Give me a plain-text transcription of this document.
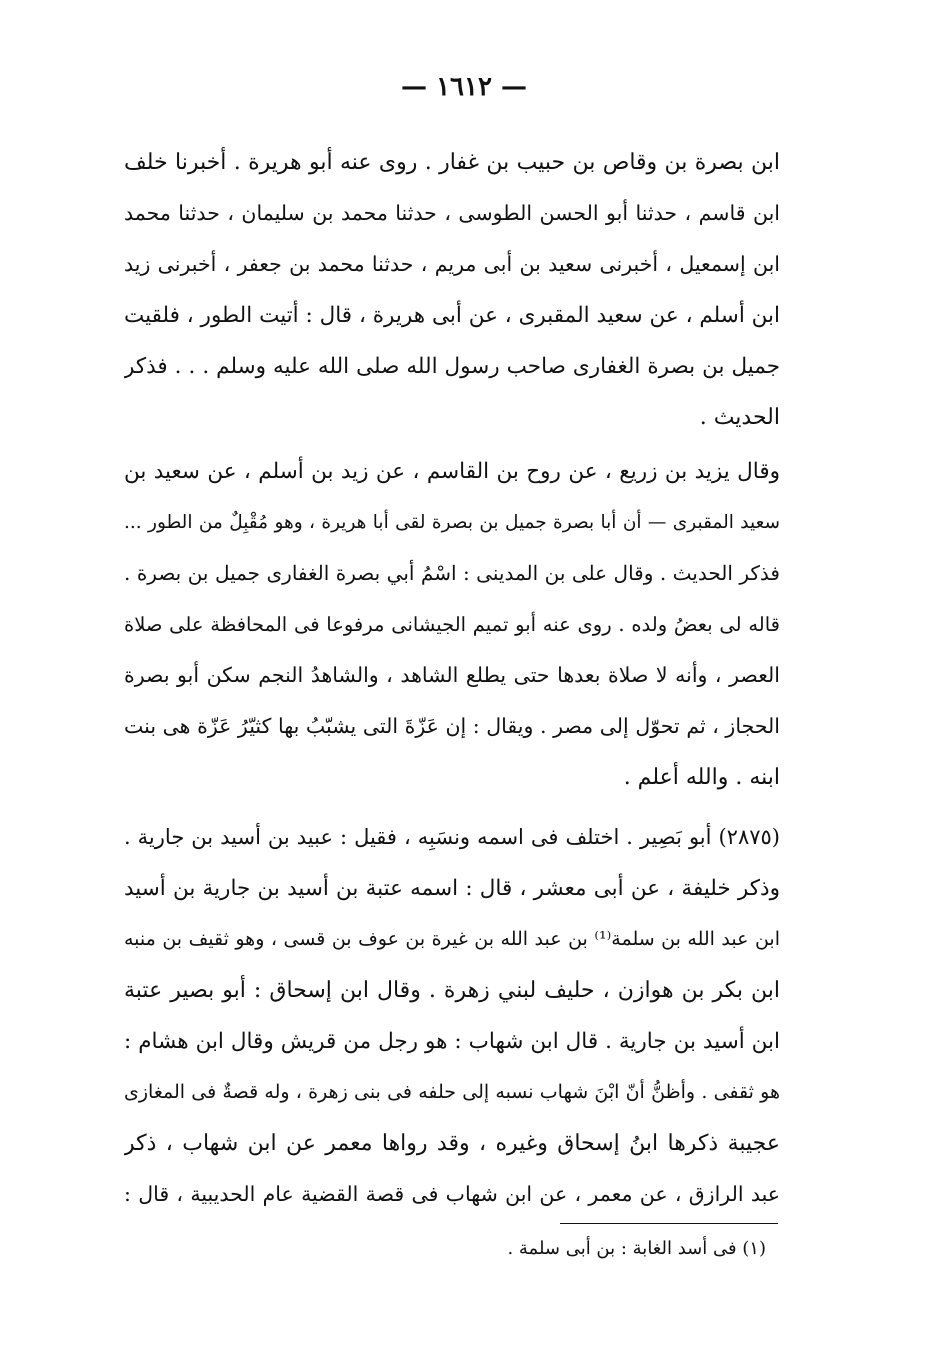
— ١٦١٢ —
ابن بصرة بن وقاص بن حبيب بن غفار . روى عنه أبو هريرة . أخبرنا خلف
ابن قاسم ، حدثنا أبو الحسن الطوسى ، حدثنا محمد بن سليمان ، حدثنا محمد
ابن إسمعيل ، أخبرنى سعيد بن أبى مريم ، حدثنا محمد بن جعفر ، أخبرنى زيد
ابن أسلم ، عن سعيد المقبرى ، عن أبى هريرة ، قال : أتيت الطور ، فلقيت
جميل بن بصرة الغفارى صاحب رسول الله صلى الله عليه وسلم . . . فذكر
الحديث .
وقال يزيد بن زريع ، عن روح بن القاسم ، عن زيد بن أسلم ، عن سعيد بن
سعيد المقبرى — أن أبا بصرة جميل بن بصرة لقى أبا هريرة ، وهو مُقْبِلٌ من الطور ...
فذكر الحديث . وقال على بن المدينى : اسْمُ أبي بصرة الغفارى جميل بن بصرة .
قاله لى بعضُ ولده . روى عنه أبو تميم الجيشانى مرفوعا فى المحافظة على صلاة
العصر ، وأنه لا صلاة بعدها حتى يطلع الشاهد ، والشاهدُ النجم سكن أبو بصرة
الحجاز ، ثم تحوّل إلى مصر . ويقال : إن عَزّةَ التى يشبّبُ بها كثيّرُ عَزّة هى بنت
ابنه . والله أعلم .
(٢٨٧٥) أبو بَصِير . اختلف فى اسمه ونسَبِه ، فقيل : عبيد بن أسيد بن جارية .
وذكر خليفة ، عن أبى معشر ، قال : اسمه عتبة بن أسيد بن جارية بن أسيد
ابن عبد الله بن سلمة⁽¹⁾ بن عبد الله بن غيرة بن عوف بن قسى ، وهو ثقيف بن منبه
ابن بكر بن هوازن ، حليف لبني زهرة . وقال ابن إسحاق : أبو بصير عتبة
ابن أسيد بن جارية . قال ابن شهاب : هو رجل من قريش وقال ابن هشام :
هو ثقفى . وأظنُّ أنّ ابْنَ شهاب نسبه إلى حلفه فى بنى زهرة ، وله قصةٌ فى المغازى
عجيبة ذكرها ابنُ إسحاق وغيره ، وقد رواها معمر عن ابن شهاب ، ذكر
عبد الرازق ، عن معمر ، عن ابن شهاب فى قصة القضية عام الحديبية ، قال :
(١) فى أسد الغابة : بن أبى سلمة .
